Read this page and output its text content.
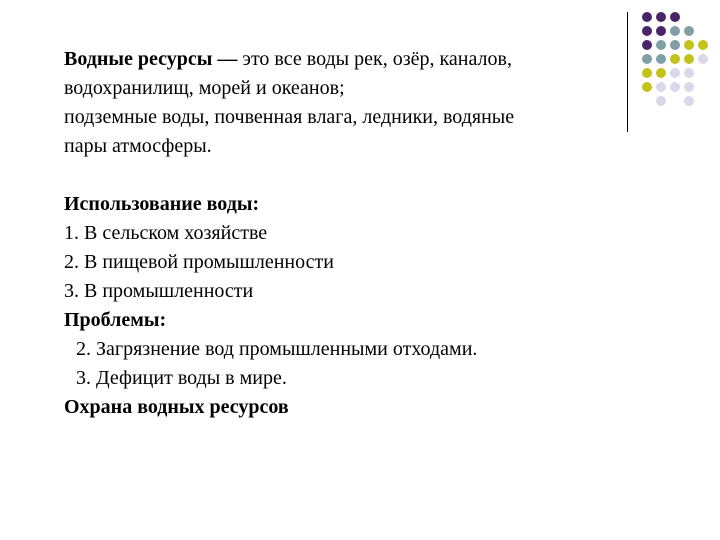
Водные ресурсы — это все воды рек, озёр, каналов,
водохранилищ, морей и океанов;
подземные воды, почвенная влага, ледники, водяные
пары атмосферы.
Использование воды:
1. В сельском хозяйстве
2. В пищевой промышленности
3. В промышленности
Проблемы:
2. Загрязнение вод промышленными отходами.
3. Дефицит воды в мире.
Охрана водных ресурсов
